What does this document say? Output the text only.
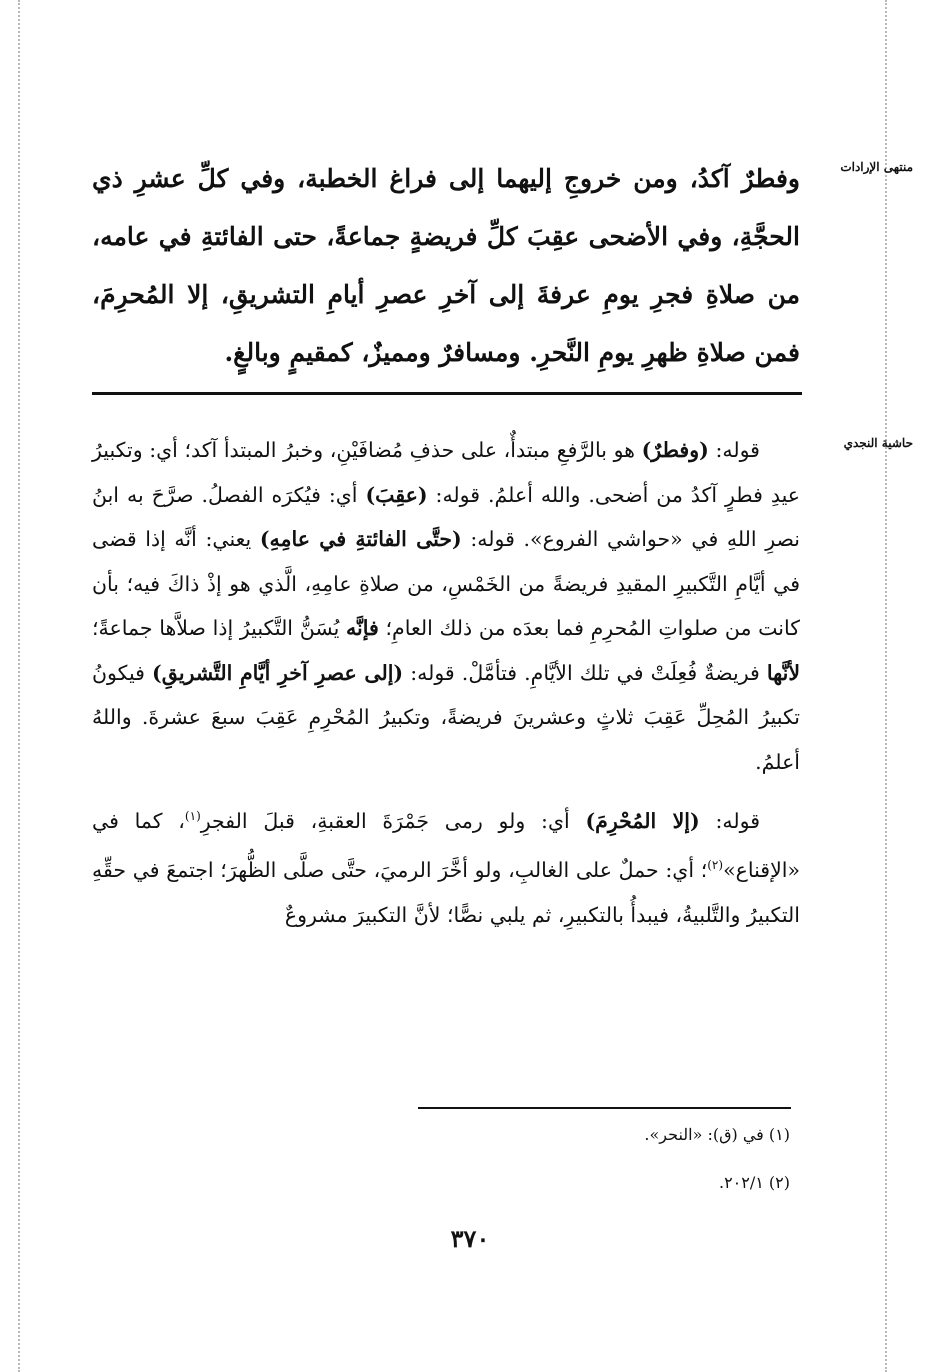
منتهى الإرادات
وفطرٌ آكدُ، ومن خروجِ إليهما إلى فراغ الخطبة، وفي كلِّ عشرِ ذي الحجَّةِ، وفي الأضحى عقِبَ كلِّ فريضةٍ جماعةً، حتى الفائتةِ في عامه، من صلاةِ فجرِ يومِ عرفةَ إلى آخرِ عصرِ أيامِ التشريقِ، إلا المُحرِمَ، فمن صلاةِ ظهرِ يومِ النَّحرِ. ومسافرٌ ومميزٌ، كمقيمٍ وبالغٍ.
حاشية النجدي

قوله: (وفطرٌ) هو بالرَّفعِ مبتدأٌ، على حذفِ مُضافَيْنِ، وخبرُ المبتدأ آكد؛ أي: وتكبيرُ عيدِ فطرٍ آكدُ من أضحى. والله أعلمُ. قوله: (عقِبَ) أي: فيُكرَه الفصلُ. صرَّحَ به ابنُ نصرِ اللهِ في «حواشي الفروع». قوله: (حتَّى الفائتةِ في عامِهِ) يعني: أنَّه إذا قضى في أيَّامِ التَّكبيرِ المقيدِ فريضةً من الخَمْسِ، من صلاةِ عامِهِ، الَّذي هو إذْ ذاكَ فيه؛ بأن كانت من صلواتِ المُحرِمِ فما بعدَه من ذلك العامِ؛ فإنَّه يُسَنُّ التَّكبيرُ إذا صلاَّها جماعةً؛ لأنَّها فريضةٌ فُعِلَتْ في تلك الأيَّامِ. فتأمَّلْ. قوله: (إلى عصرِ آخرِ أيَّامِ التَّشريقِ) فيكونُ تكبيرُ المُحِلِّ عَقِبَ ثلاثٍ وعشرينَ فريضةً، وتكبيرُ المُحْرِمِ عَقِبَ سبعَ عشرةَ. واللهُ أعلمُ.

قوله: (إلا المُحْرِمَ) أي: ولو رمى جَمْرَةَ العقبةِ، قبلَ الفجرِ$^{(١)}$، كما في «الإقناع»$^{(٢)}$؛ أي: حملٌ على الغالبِ، ولو أخَّرَ الرميَ، حتَّى صلَّى الظُّهرَ؛ اجتمعَ في حقِّهِ التكبيرُ والتَّلبيةُ، فيبدأُ بالتكبيرِ، ثم يلبي نصًّا؛ لأنَّ التكبيرَ مشروعٌ

(١) في (ق): «النحر».
(٢) ٢٠٢/١.
٣٧٠
